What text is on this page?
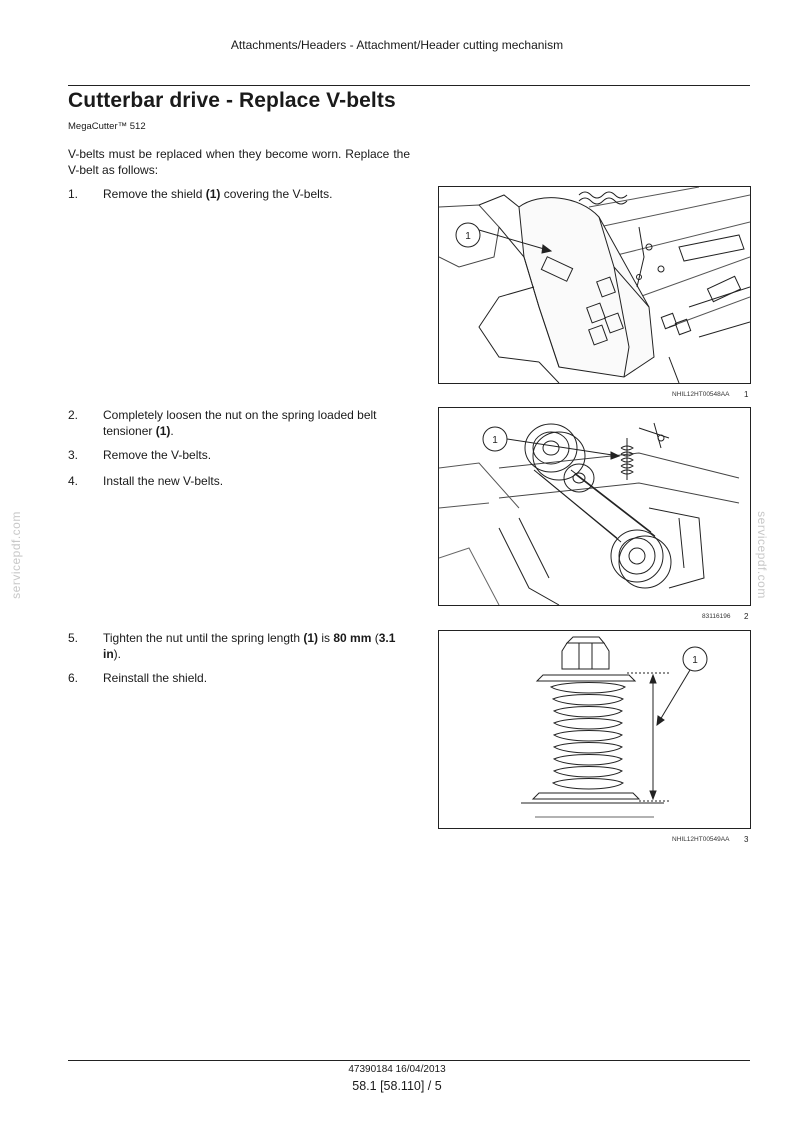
Attachments/Headers - Attachment/Header cutting mechanism
Cutterbar drive - Replace V-belts
MegaCutter™ 512
V-belts must be replaced when they become worn. Replace the V-belt as follows:
1. Remove the shield (1) covering the V-belts.
2. Completely loosen the nut on the spring loaded belt tensioner (1).
3. Remove the V-belts.
4. Install the new V-belts.
5. Tighten the nut until the spring length (1) is 80 mm (3.1 in).
6. Reinstall the shield.
1
NHIL12HT00548AA 1
1
83116196 2
1
NHIL12HT00549AA 3
servicepdf.com	servicepdf.com
47390184 16/04/2013
58.1 [58.110] / 5
